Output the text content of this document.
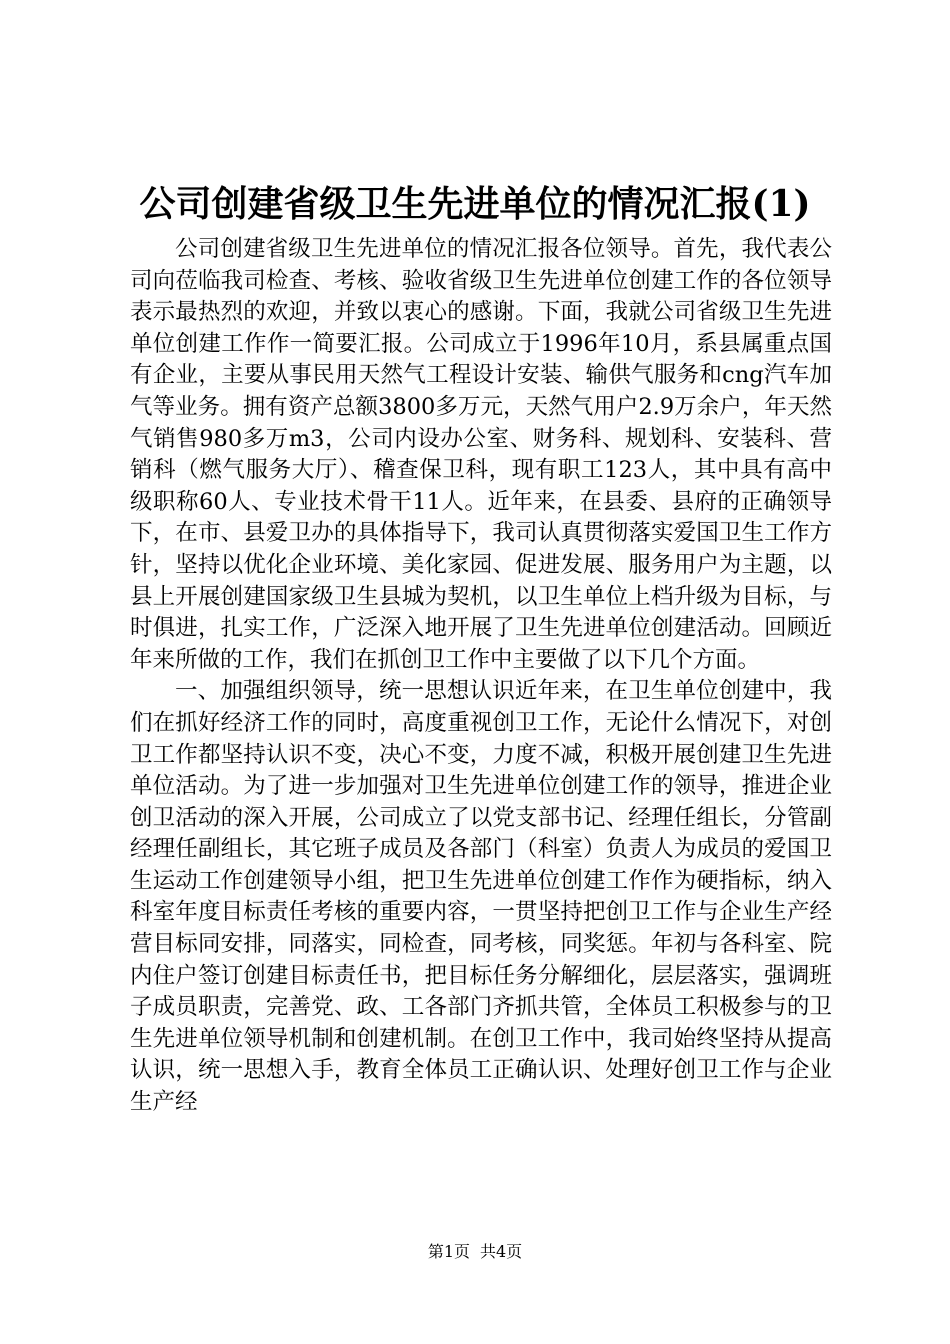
公司创建省级卫生先进单位的情况汇报(1)

公司创建省级卫生先进单位的情况汇报各位领导。首先，我代表公司向莅临我司检查、考核、验收省级卫生先进单位创建工作的各位领导表示最热烈的欢迎，并致以衷心的感谢。下面，我就公司省级卫生先进单位创建工作作一简要汇报。公司成立于1996年10月，系县属重点国有企业，主要从事民用天然气工程设计安装、输供气服务和cng汽车加气等业务。拥有资产总额3800多万元，天然气用户2.9万余户，年天然气销售980多万m3，公司内设办公室、财务科、规划科、安装科、营销科（燃气服务大厅）、稽查保卫科，现有职工123人，其中具有高中级职称60人、专业技术骨干11人。近年来，在县委、县府的正确领导下，在市、县爱卫办的具体指导下，我司认真贯彻落实爱国卫生工作方针，坚持以优化企业环境、美化家园、促进发展、服务用户为主题，以县上开展创建国家级卫生县城为契机，以卫生单位上档升级为目标，与时俱进，扎实工作，广泛深入地开展了卫生先进单位创建活动。回顾近年来所做的工作，我们在抓创卫工作中主要做了以下几个方面。

一、加强组织领导，统一思想认识近年来，在卫生单位创建中，我们在抓好经济工作的同时，高度重视创卫工作，无论什么情况下，对创卫工作都坚持认识不变，决心不变，力度不减，积极开展创建卫生先进单位活动。为了进一步加强对卫生先进单位创建工作的领导，推进企业创卫活动的深入开展，公司成立了以党支部书记、经理任组长，分管副经理任副组长，其它班子成员及各部门（科室）负责人为成员的爱国卫生运动工作创建领导小组，把卫生先进单位创建工作作为硬指标，纳入科室年度目标责任考核的重要内容，一贯坚持把创卫工作与企业生产经营目标同安排，同落实，同检查，同考核，同奖惩。年初与各科室、院内住户签订创建目标责任书，把目标任务分解细化，层层落实，强调班子成员职责，完善党、政、工各部门齐抓共管，全体员工积极参与的卫生先进单位领导机制和创建机制。在创卫工作中，我司始终坚持从提高认识，统一思想入手，教育全体员工正确认识、处理好创卫工作与企业生产经

第1页 共4页
